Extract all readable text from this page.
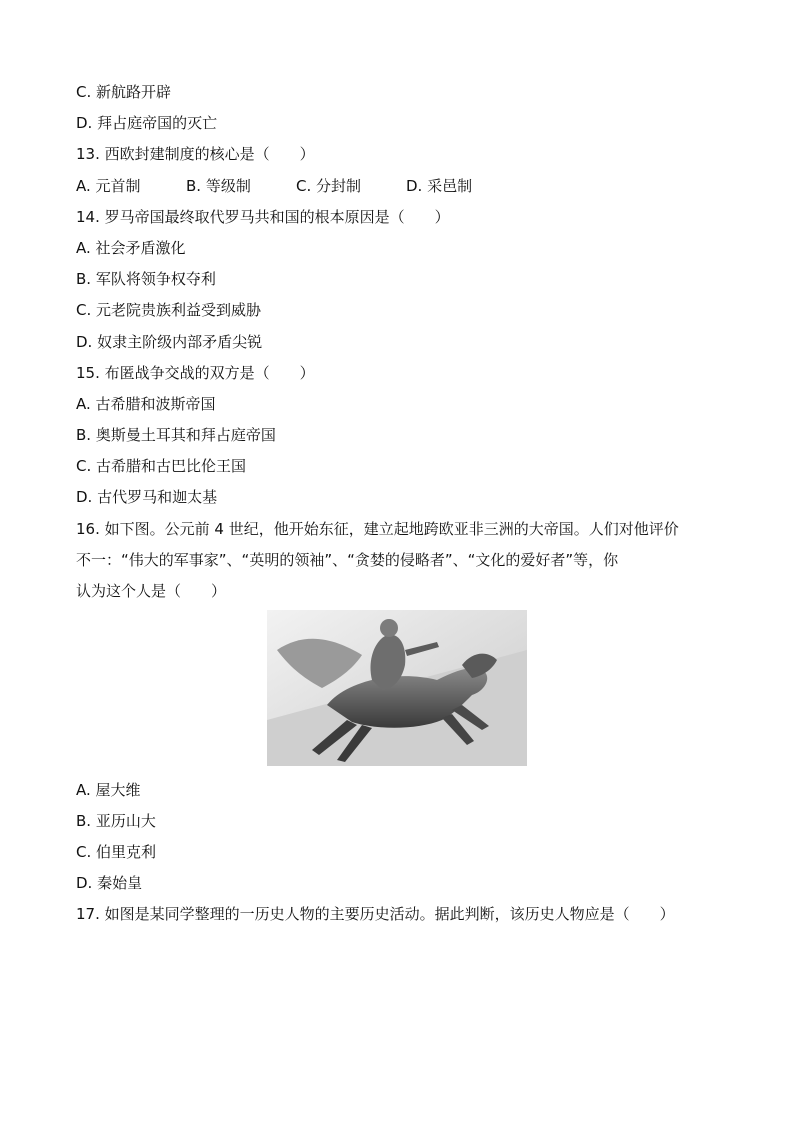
C. 新航路开辟
D. 拜占庭帝国的灭亡
13. 西欧封建制度的核心是（　　）
A. 元首制	B. 等级制	C. 分封制	D. 采邑制
14. 罗马帝国最终取代罗马共和国的根本原因是（　　）
A. 社会矛盾激化
B. 军队将领争权夺利
C. 元老院贵族利益受到威胁
D. 奴隶主阶级内部矛盾尖锐
15. 布匿战争交战的双方是（　　）
A. 古希腊和波斯帝国
B. 奥斯曼土耳其和拜占庭帝国
C. 古希腊和古巴比伦王国
D. 古代罗马和迦太基
16. 如下图。公元前 4 世纪，他开始东征，建立起地跨欧亚非三洲的大帝国。人们对他评价
不一：“伟大的军事家”、“英明的领袖”、“贪婪的侵略者”、“文化的爱好者”等，你
认为这个人是（　　）
A. 屋大维
B. 亚历山大
C. 伯里克利
D. 秦始皇
17. 如图是某同学整理的一历史人物的主要历史活动。据此判断，该历史人物应是（　　）
